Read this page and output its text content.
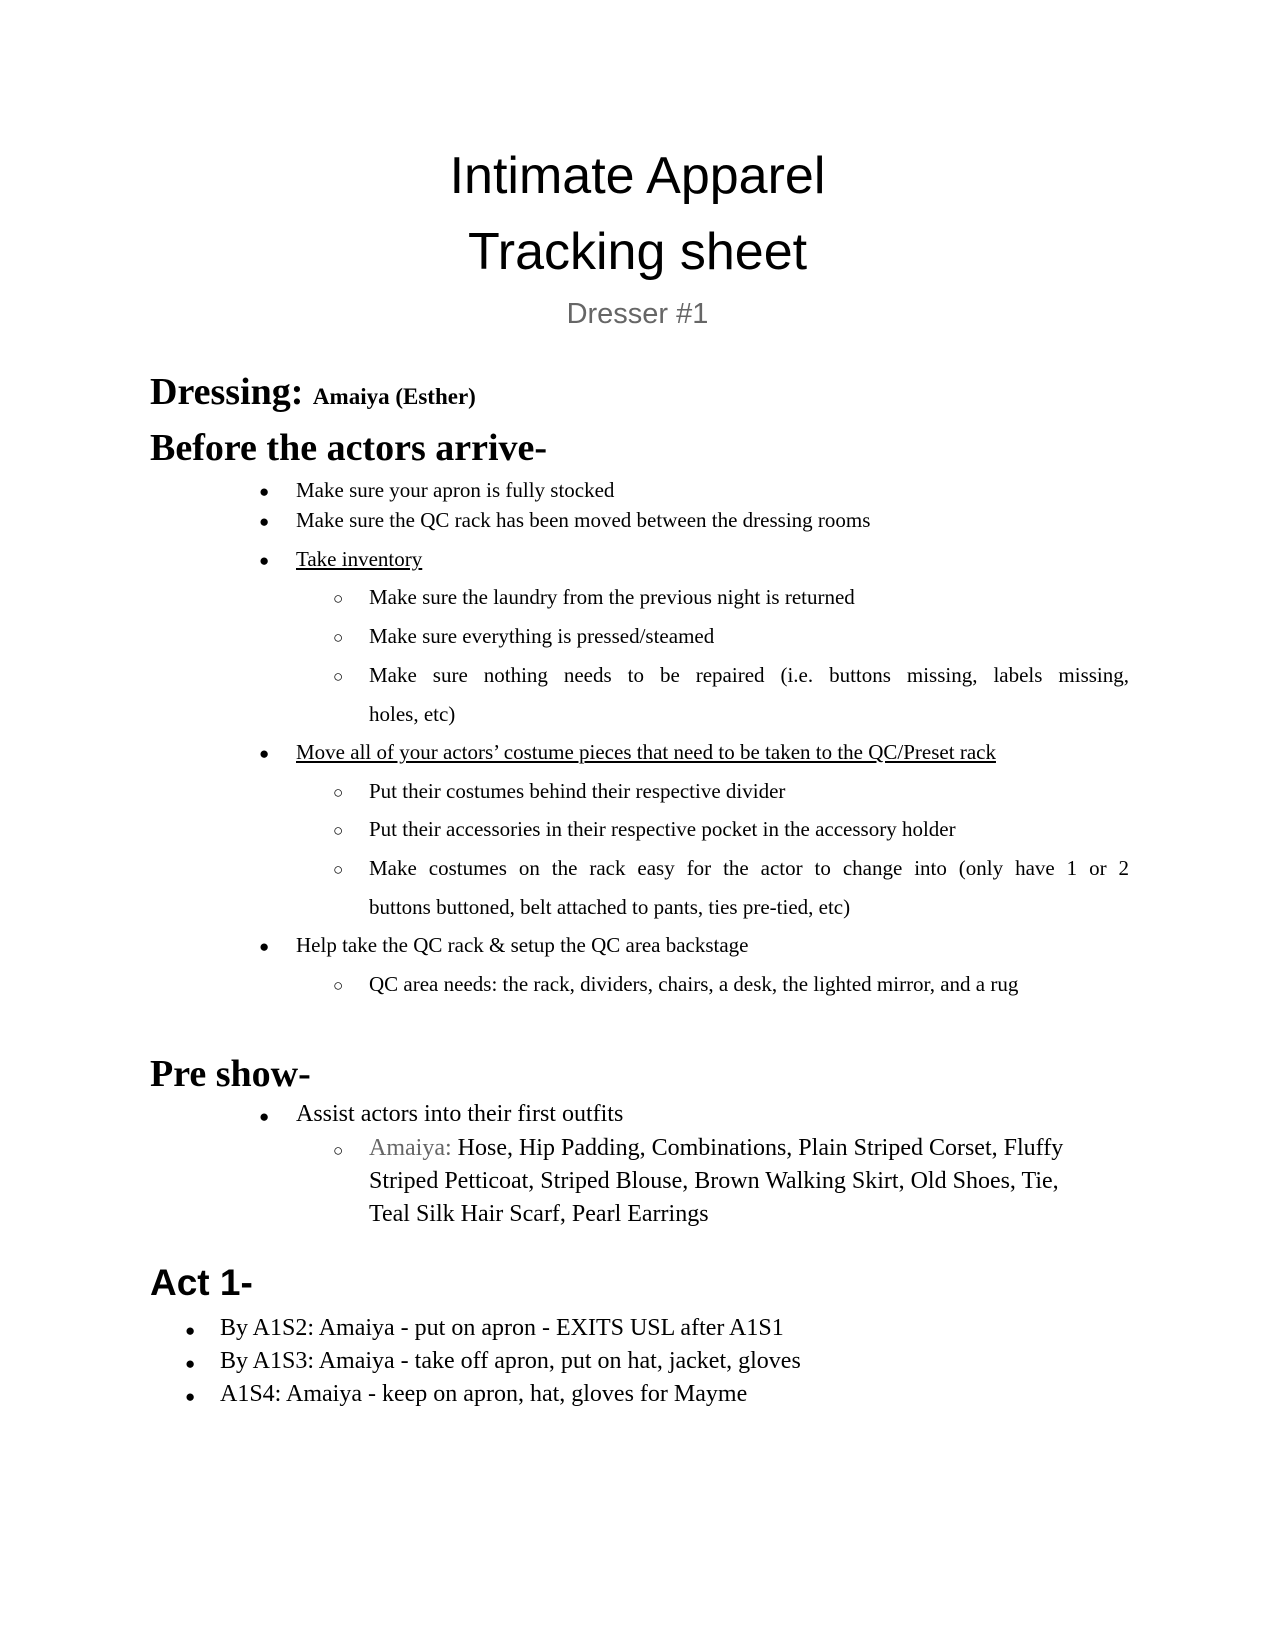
Intimate Apparel
Tracking sheet
Dresser #1
Dressing: Amaiya (Esther)
Before the actors arrive-
● Make sure your apron is fully stocked
● Make sure the QC rack has been moved between the dressing rooms
● Take inventory
○ Make sure the laundry from the previous night is returned
○ Make sure everything is pressed/steamed
○ Make sure nothing needs to be repaired (i.e. buttons missing, labels missing,
holes, etc)
● Move all of your actors’ costume pieces that need to be taken to the QC/Preset rack
○ Put their costumes behind their respective divider
○ Put their accessories in their respective pocket in the accessory holder
○ Make costumes on the rack easy for the actor to change into (only have 1 or 2
buttons buttoned, belt attached to pants, ties pre-tied, etc)
● Help take the QC rack & setup the QC area backstage
○ QC area needs: the rack, dividers, chairs, a desk, the lighted mirror, and a rug
Pre show-
● Assist actors into their first outfits
○ Amaiya: Hose, Hip Padding, Combinations, Plain Striped Corset, Fluffy
Striped Petticoat, Striped Blouse, Brown Walking Skirt, Old Shoes, Tie,
Teal Silk Hair Scarf, Pearl Earrings
Act 1-
● By A1S2: Amaiya - put on apron - EXITS USL after A1S1
● By A1S3: Amaiya - take off apron, put on hat, jacket, gloves
● A1S4: Amaiya - keep on apron, hat, gloves for Mayme
